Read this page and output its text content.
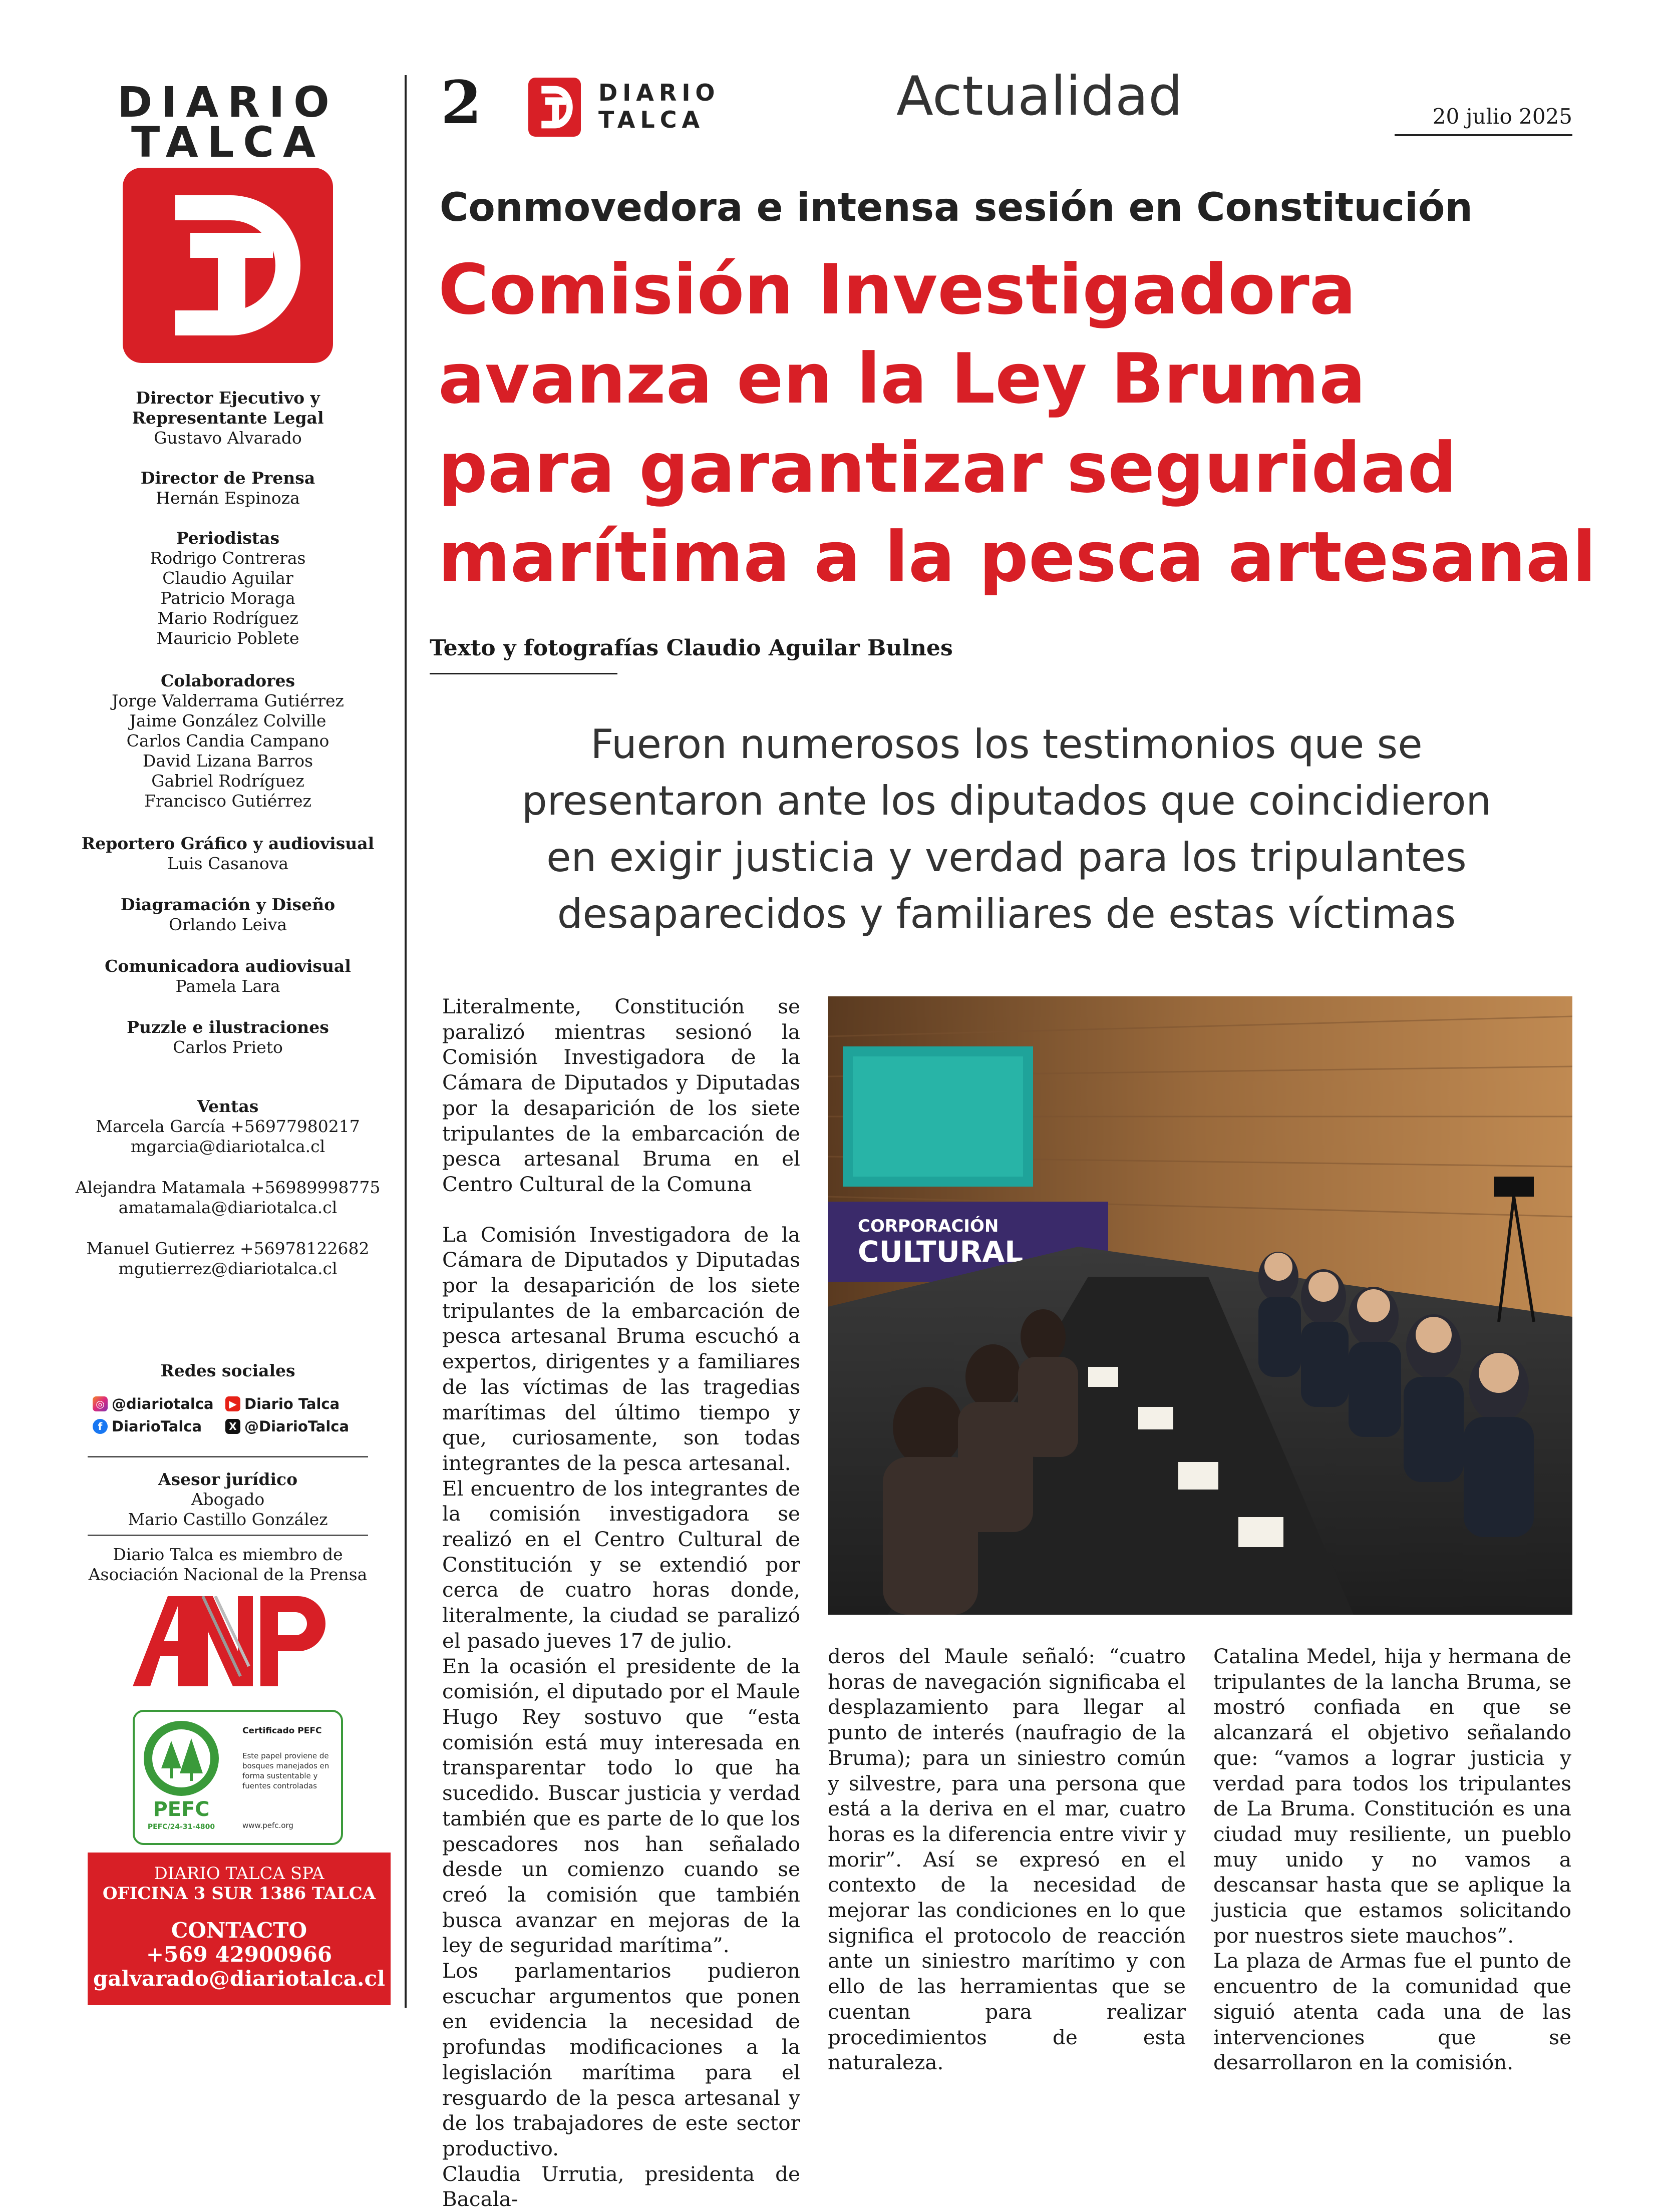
DIARIO
TALCA
Director Ejecutivo y
Representante Legal
Gustavo Alvarado
Director de Prensa
Hernán Espinoza
Periodistas
Rodrigo Contreras
Claudio Aguilar
Patricio Moraga
Mario Rodríguez
Mauricio Poblete
Colaboradores
Jorge Valderrama Gutiérrez
Jaime González Colville
Carlos Candia Campano
David Lizana Barros
Gabriel Rodríguez
Francisco Gutiérrez
Reportero Gráfico y audiovisual
Luis Casanova
Diagramación y Diseño
Orlando Leiva
Comunicadora audiovisual
Pamela Lara
Puzzle e ilustraciones
Carlos Prieto
Ventas
Marcela García +56977980217
mgarcia@diariotalca.cl
Alejandra Matamala +56989998775
amatamala@diariotalca.cl
Manuel Gutierrez +56978122682
mgutierrez@diariotalca.cl
Redes sociales
◎ @diariotalca	▶ Diario Talca
f DiarioTalca	X @DiarioTalca
Asesor jurídico
Abogado
Mario Castillo González
Diario Talca es miembro de
Asociación Nacional de la Prensa
PEFC
PEFC/24-31-4800
Certificado PEFC
Este papel proviene de
bosques manejados en
forma sustentable y
fuentes controladas
www.pefc.org
DIARIO TALCA SPA
OFICINA 3 SUR 1386 TALCA
CONTACTO
+569 42900966
galvarado@diariotalca.cl
2	DIARIO
TALCA	Actualidad	20 julio 2025
Conmovedora e intensa sesión en Constitución
Comisión Investigadora
avanza en la Ley Bruma
para garantizar seguridad
marítima a la pesca artesanal
Texto y fotografías Claudio Aguilar Bulnes
Fueron numerosos los testimonios que se
presentaron ante los diputados que coincidieron
en exigir justicia y verdad para los tripulantes
desaparecidos y familiares de estas víctimas
CORPORACIÓN
CULTURAL

Literalmente, Constitución se paralizó mientras sesionó la Comisión Investigadora de la Cámara de Diputados y Diputadas por la desaparición de los siete tripulantes de la embarcación de pesca artesanal Bruma en el Centro Cultural de la Comuna

La Comisión Investigadora de la Cámara de Diputados y Diputadas por la desaparición de los siete tripulantes de la embarcación de pesca artesanal Bruma escuchó a expertos, dirigentes y a familiares de las víctimas de las tragedias marítimas del último tiempo y que, curiosamente, son todas integrantes de la pesca artesanal.

El encuentro de los integrantes de la comisión investigadora se realizó en el Centro Cultural de Constitución y se extendió por cerca de cuatro horas donde, literalmente, la ciudad se paralizó el pasado jueves 17 de julio.

En la ocasión el presidente de la comisión, el diputado por el Maule Hugo Rey sostuvo que “esta comisión está muy interesada en transparentar todo lo que ha sucedido. Buscar justicia y verdad también que es parte de lo que los pescadores nos han señalado desde un comienzo cuando se creó la comisión que también busca avanzar en mejoras de la ley de seguridad marítima”.

Los parlamentarios pudieron escuchar argumentos que ponen en evidencia la necesidad de profundas modificaciones a la legislación marítima para el resguardo de la pesca artesanal y de los trabajadores de este sector productivo.

Claudia Urrutia, presidenta de Bacala-

deros del Maule señaló: “cuatro horas de navegación significaba el desplazamiento para llegar al punto de interés (naufragio de la Bruma); para un siniestro común y silvestre, para una persona que está a la deriva en el mar, cuatro horas es la diferencia entre vivir y morir”. Así se expresó en el contexto de la necesidad de mejorar las condiciones en lo que significa el protocolo de reacción ante un siniestro marítimo y con ello de las herramientas que se cuentan para realizar procedimientos de esta naturaleza.

Catalina Medel, hija y hermana de tripulantes de la lancha Bruma, se mostró confiada en que se alcanzará el objetivo señalando que: “vamos a lograr justicia y verdad para todos los tripulantes de La Bruma. Constitución es una ciudad muy resiliente, un pueblo muy unido y no vamos a descansar hasta que se aplique la justicia que estamos solicitando por nuestros siete mauchos”.

La plaza de Armas fue el punto de encuentro de la comunidad que siguió atenta cada una de las intervenciones que se desarrollaron en la comisión.
